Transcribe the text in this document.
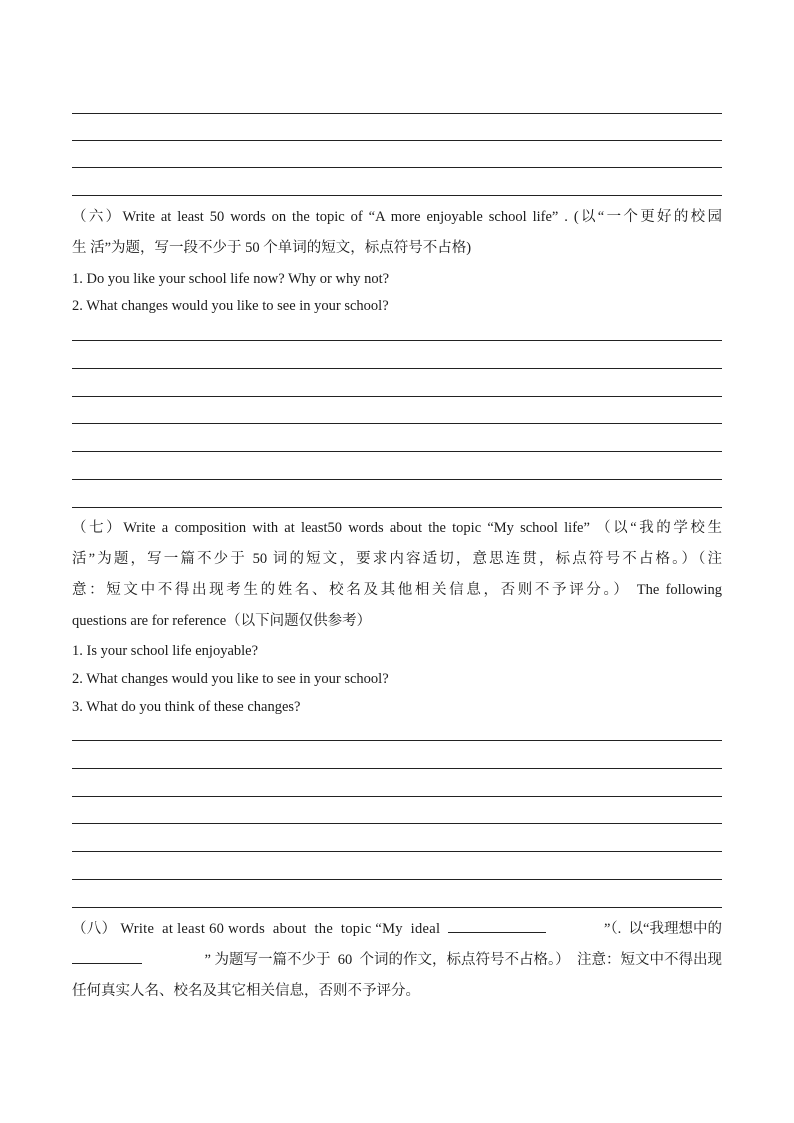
（六）Write at least 50 words on the topic of “A more enjoyable school life” . (以“一个更好的校园
生 活”为题，写一段不少于 50 个单词的短文，标点符号不占格)
1. Do you like your school life now? Why or why not?
2. What changes would you like to see in your school?
（七）Write a composition with at least50 words about the topic “My school life” （以“我的学校生
活”为题，写一篇不少于 50 词的短文，要求内容适切，意思连贯，标点符号不占格。）（注
意：短文中不得出现考生的姓名、校名及其他相关信息，否则不予评分。） The following
questions are for reference（以下问题仅供参考）
1. Is your school life enjoyable?
2. What changes would you like to see in your school?
3. What do you think of these changes?
（八） Write  at least 60 words  about  the  topic “My  ideal	”（.  以“我理想中的
” 为题写一篇不少于  60  个词的作文，标点符号不占格。）  注意：短文中不得出现
任何真实人名、校名及其它相关信息，否则不予评分。
